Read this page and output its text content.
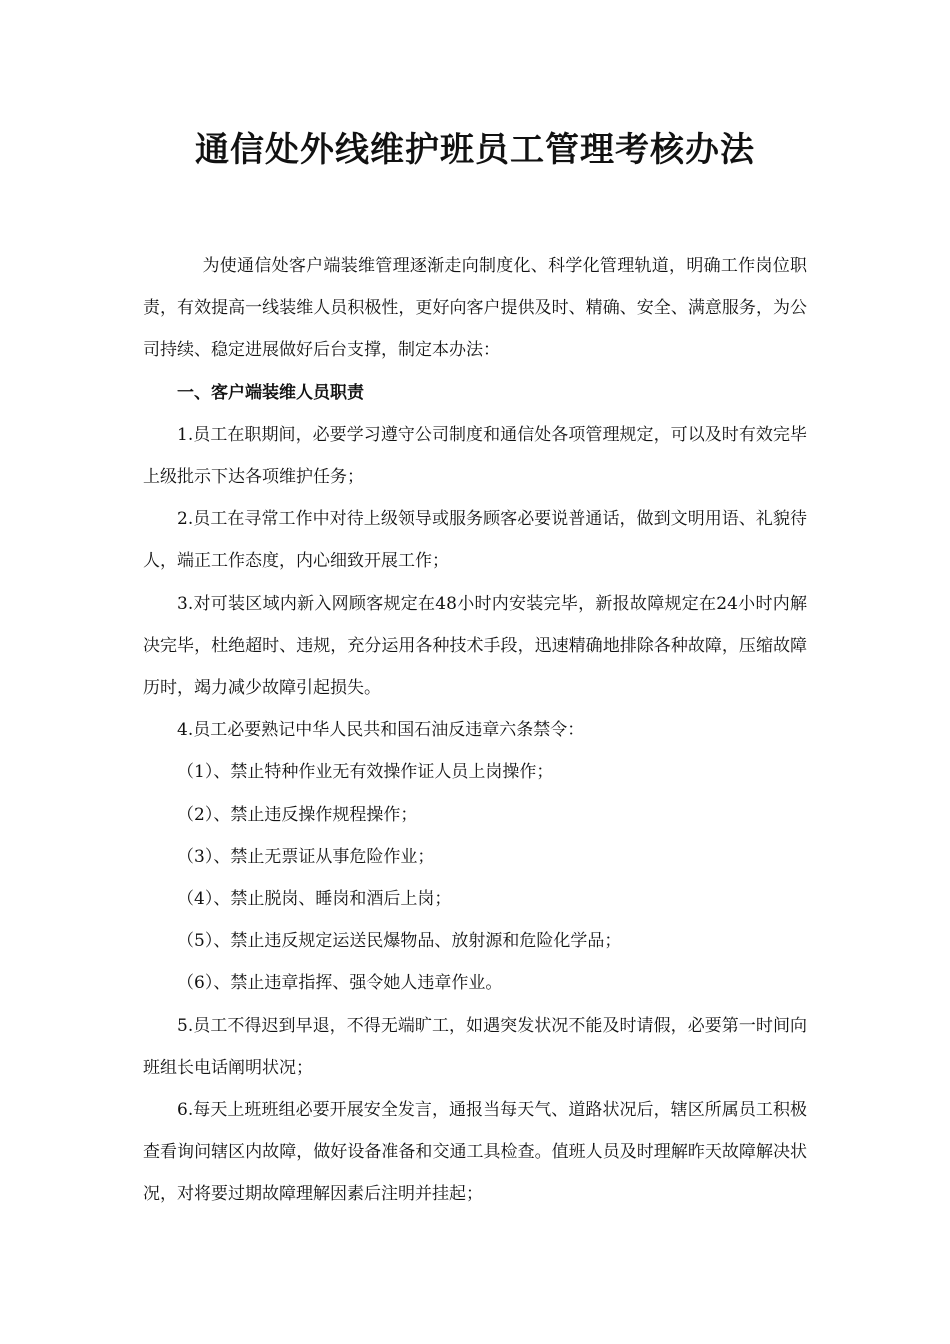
通信处外线维护班员工管理考核办法

为使通信处客户端装维管理逐渐走向制度化、科学化管理轨道，明确工作岗位职责，有效提高一线装维人员积极性，更好向客户提供及时、精确、安全、满意服务，为公司持续、稳定进展做好后台支撑，制定本办法：

一、客户端装维人员职责

1.员工在职期间，必要学习遵守公司制度和通信处各项管理规定，可以及时有效完毕上级批示下达各项维护任务；

2.员工在寻常工作中对待上级领导或服务顾客必要说普通话，做到文明用语、礼貌待人，端正工作态度，内心细致开展工作；

3.对可装区域内新入网顾客规定在48小时内安装完毕，新报故障规定在24小时内解决完毕，杜绝超时、违规，充分运用各种技术手段，迅速精确地排除各种故障，压缩故障历时，竭力减少故障引起损失。

4.员工必要熟记中华人民共和国石油反违章六条禁令：

（1）、禁止特种作业无有效操作证人员上岗操作；

（2）、禁止违反操作规程操作；

（3）、禁止无票证从事危险作业；

（4）、禁止脱岗、睡岗和酒后上岗；

（5）、禁止违反规定运送民爆物品、放射源和危险化学品；

（6）、禁止违章指挥、强令她人违章作业。

5.员工不得迟到早退，不得无端旷工，如遇突发状况不能及时请假，必要第一时间向班组长电话阐明状况；

6.每天上班班组必要开展安全发言，通报当每天气、道路状况后，辖区所属员工积极查看询问辖区内故障，做好设备准备和交通工具检查。值班人员及时理解昨天故障解决状况，对将要过期故障理解因素后注明并挂起；
